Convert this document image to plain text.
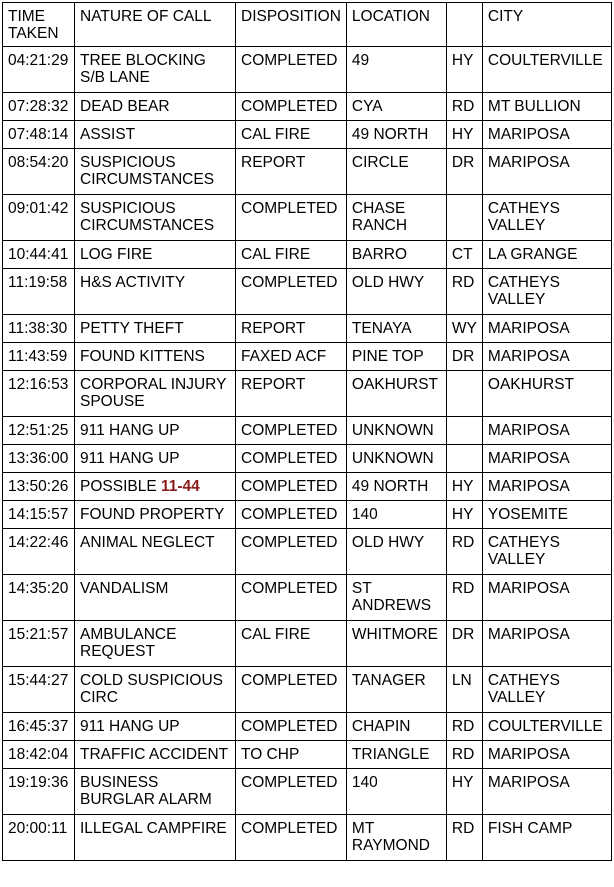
TIME TAKEN	NATURE OF CALL	DISPOSITION	LOCATION		CITY
04:21:29	TREE BLOCKING S/B LANE	COMPLETED	49	HY	COULTERVILLE
07:28:32	DEAD BEAR	COMPLETED	CYA	RD	MT BULLION
07:48:14	ASSIST	CAL FIRE	49 NORTH	HY	MARIPOSA
08:54:20	SUSPICIOUS CIRCUMSTANCES	REPORT	CIRCLE	DR	MARIPOSA
09:01:42	SUSPICIOUS CIRCUMSTANCES	COMPLETED	CHASE RANCH		CATHEYS VALLEY
10:44:41	LOG FIRE	CAL FIRE	BARRO	CT	LA GRANGE
11:19:58	H&S ACTIVITY	COMPLETED	OLD HWY	RD	CATHEYS VALLEY
11:38:30	PETTY THEFT	REPORT	TENAYA	WY	MARIPOSA
11:43:59	FOUND KITTENS	FAXED ACF	PINE TOP	DR	MARIPOSA
12:16:53	CORPORAL INJURY SPOUSE	REPORT	OAKHURST		OAKHURST
12:51:25	911 HANG UP	COMPLETED	UNKNOWN		MARIPOSA
13:36:00	911 HANG UP	COMPLETED	UNKNOWN		MARIPOSA
13:50:26	POSSIBLE 11-44	COMPLETED	49 NORTH	HY	MARIPOSA
14:15:57	FOUND PROPERTY	COMPLETED	140	HY	YOSEMITE
14:22:46	ANIMAL NEGLECT	COMPLETED	OLD HWY	RD	CATHEYS VALLEY
14:35:20	VANDALISM	COMPLETED	ST ANDREWS	RD	MARIPOSA
15:21:57	AMBULANCE REQUEST	CAL FIRE	WHITMORE	DR	MARIPOSA
15:44:27	COLD SUSPICIOUS CIRC	COMPLETED	TANAGER	LN	CATHEYS VALLEY
16:45:37	911 HANG UP	COMPLETED	CHAPIN	RD	COULTERVILLE
18:42:04	TRAFFIC ACCIDENT	TO CHP	TRIANGLE	RD	MARIPOSA
19:19:36	BUSINESS BURGLAR ALARM	COMPLETED	140	HY	MARIPOSA
20:00:11	ILLEGAL CAMPFIRE	COMPLETED	MT RAYMOND	RD	FISH CAMP
